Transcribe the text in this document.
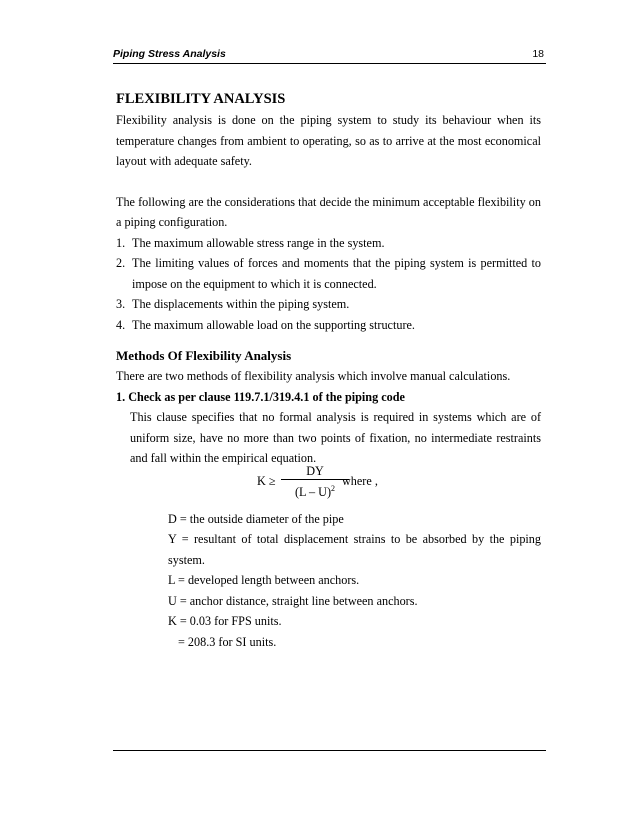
Piping Stress Analysis	18
FLEXIBILITY ANALYSIS

Flexibility analysis is done on the piping system to study its behaviour when its temperature changes from ambient to operating, so as to arrive at the most economical layout with adequate safety.

The following are the considerations that decide the minimum acceptable flexibility on a piping configuration.

1. The maximum allowable stress range in the system.
2. The limiting values of forces and moments that the piping system is permitted to impose on the equipment to which it is connected.
3. The displacements within the piping system.
4. The maximum allowable load on the supporting structure.
Methods Of Flexibility Analysis

There are two methods of flexibility analysis which involve manual calculations.

1. Check as per clause 119.7.1/319.4.1 of the piping code

This clause specifies that no formal analysis is required in systems which are of uniform size, have no more than two points of fixation, no intermediate restraints and fall within the empirical equation.

K ≥
DY
(L – U)$^2$
where ,

D = the outside diameter of the pipe

Y = resultant of total displacement strains to be absorbed by the piping system.

L = developed length between anchors.

U = anchor distance, straight line between anchors.

K = 0.03 for FPS units.

= 208.3 for SI units.
